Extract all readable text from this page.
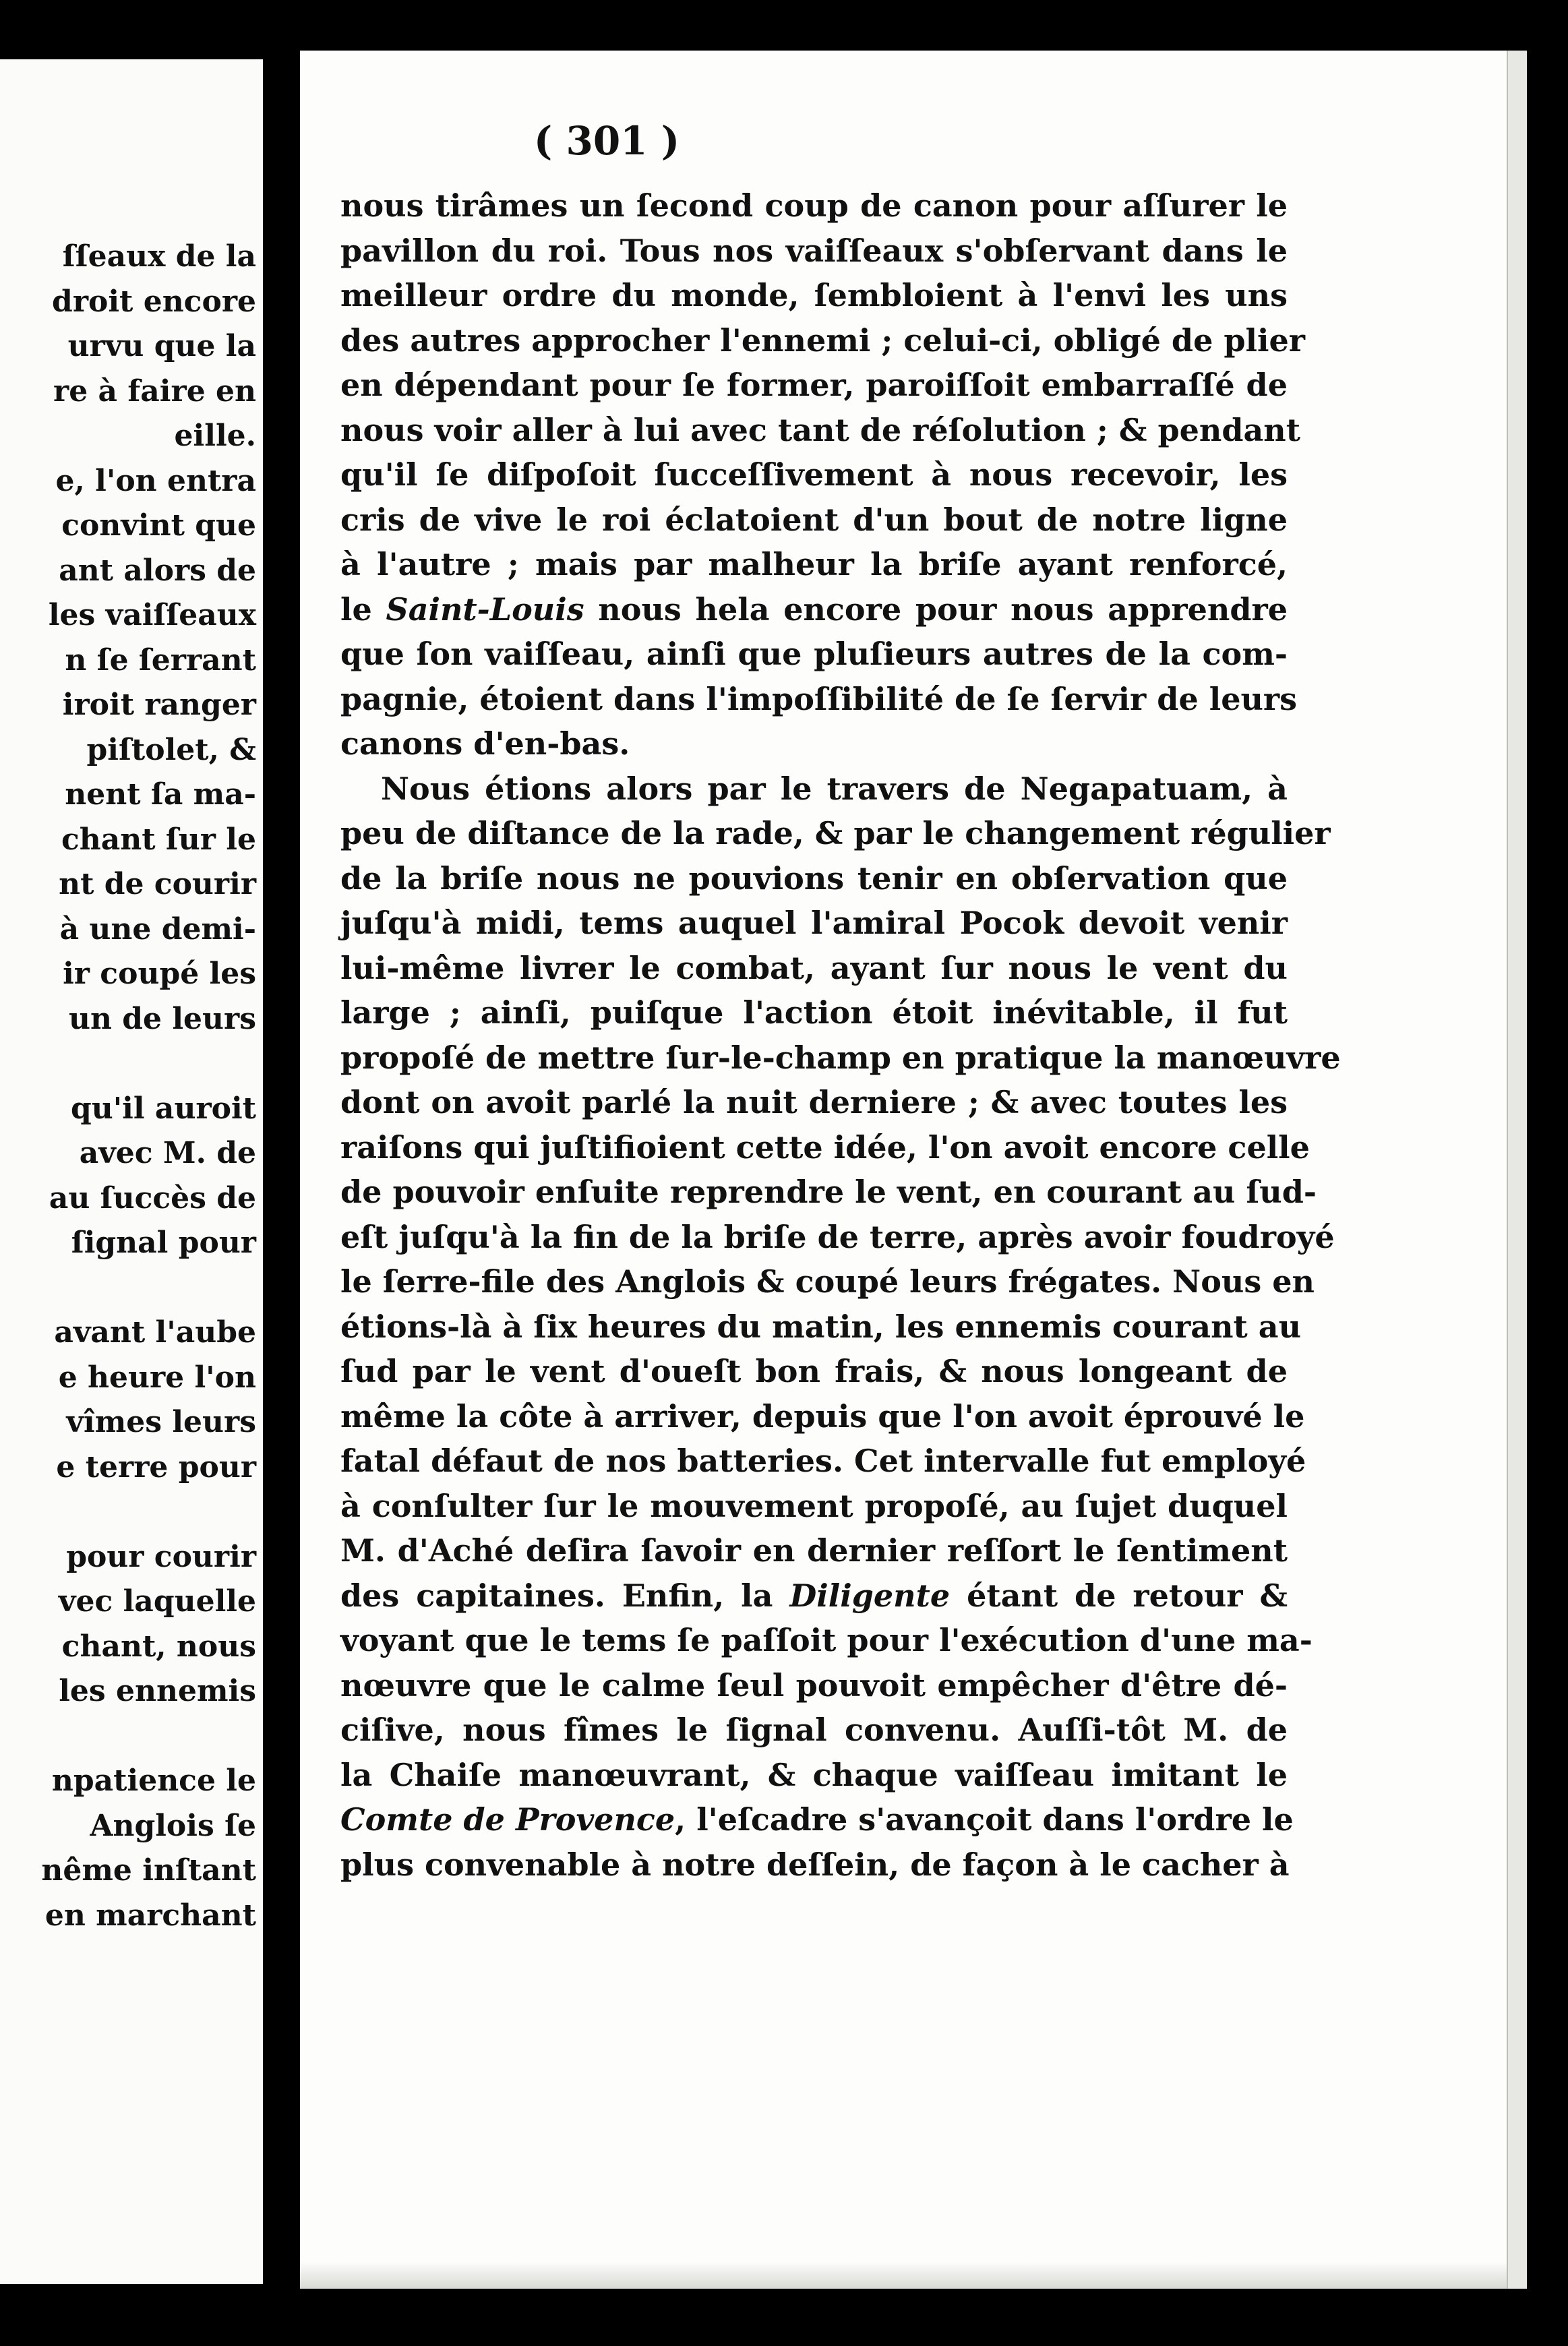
ſſeaux de la
droit encore
urvu que la
re à faire en
eille.
e, l'on entra
convint que
ant alors de
les vaiſſeaux
n ſe ſerrant
iroit ranger
piſtolet, &
nent ſa ma-
chant ſur le
nt de courir
à une demi-
ir coupé les
un de leurs
qu'il auroit
avec M. de
au ſuccès de
ſignal pour
avant l'aube
e heure l'on
vîmes leurs
e terre pour
pour courir
vec laquelle
chant, nous
les ennemis
npatience le
Anglois ſe
nême inſtant
en marchant
( 301 )
nous tirâmes un ſecond coup de canon pour aſſurer le
pavillon du roi. Tous nos vaiſſeaux s'obſervant dans le
meilleur ordre du monde, ſembloient à l'envi les uns
des autres approcher l'ennemi ; celui-ci, obligé de plier
en dépendant pour ſe former, paroiſſoit embarraſſé de
nous voir aller à lui avec tant de réſolution ; & pendant
qu'il ſe diſpoſoit ſucceſſivement à nous recevoir, les
cris de vive le roi éclatoient d'un bout de notre ligne
à l'autre ; mais par malheur la briſe ayant renforcé,
le Saint-Louis nous hela encore pour nous apprendre
que ſon vaiſſeau, ainſi que pluſieurs autres de la com-
pagnie, étoient dans l'impoſſibilité de ſe ſervir de leurs
canons d'en-bas.
Nous étions alors par le travers de Negapatuam, à
peu de diſtance de la rade, & par le changement régulier
de la briſe nous ne pouvions tenir en obſervation que
juſqu'à midi, tems auquel l'amiral Pocok devoit venir
lui-même livrer le combat, ayant ſur nous le vent du
large ; ainſi, puiſque l'action étoit inévitable, il fut
propoſé de mettre ſur-le-champ en pratique la manœuvre
dont on avoit parlé la nuit derniere ; & avec toutes les
raiſons qui juſtifioient cette idée, l'on avoit encore celle
de pouvoir enſuite reprendre le vent, en courant au ſud-
eſt juſqu'à la fin de la briſe de terre, après avoir foudroyé
le ſerre-file des Anglois & coupé leurs frégates. Nous en
étions-là à ſix heures du matin, les ennemis courant au
ſud par le vent d'oueſt bon frais, & nous longeant de
même la côte à arriver, depuis que l'on avoit éprouvé le
fatal défaut de nos batteries. Cet intervalle fut employé
à conſulter ſur le mouvement propoſé, au ſujet duquel
M. d'Aché deſira ſavoir en dernier reſſort le ſentiment
des capitaines. Enfin, la Diligente étant de retour &
voyant que le tems ſe paſſoit pour l'exécution d'une ma-
nœuvre que le calme ſeul pouvoit empêcher d'être dé-
ciſive, nous fîmes le ſignal convenu. Auſſi-tôt M. de
la Chaiſe manœuvrant, & chaque vaiſſeau imitant le
Comte de Provence, l'eſcadre s'avançoit dans l'ordre le
plus convenable à notre deſſein, de façon à le cacher à
